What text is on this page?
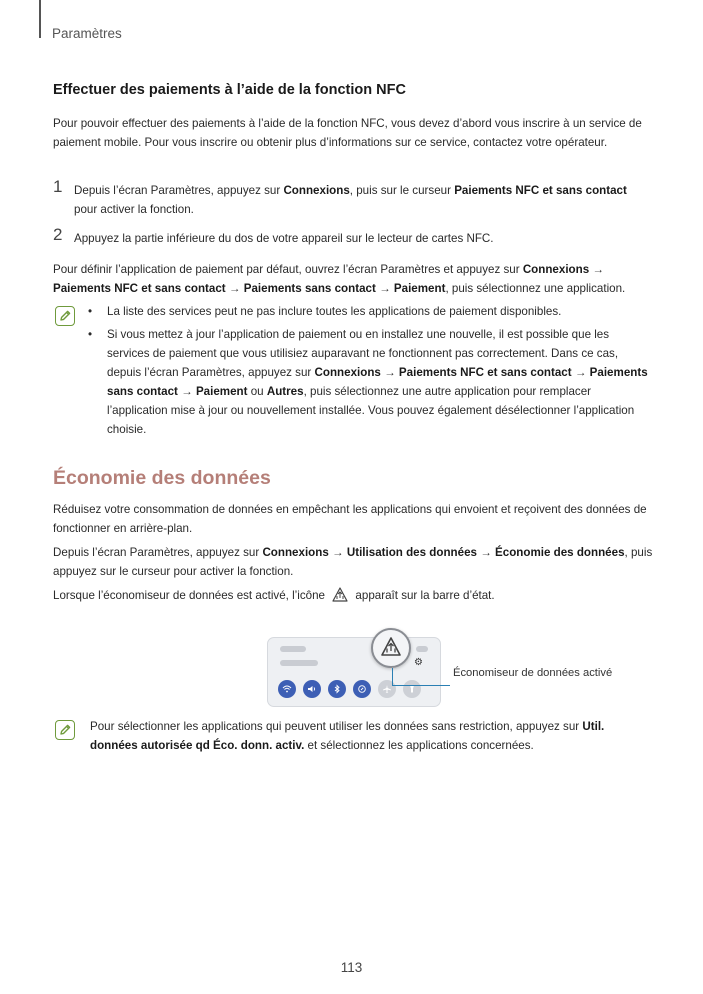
Paramètres
Effectuer des paiements à l’aide de la fonction NFC

Pour pouvoir effectuer des paiements à l’aide de la fonction NFC, vous devez d’abord vous inscrire à un service de paiement mobile. Pour vous inscrire ou obtenir plus d’informations sur ce service, contactez votre opérateur.

1 Depuis l’écran Paramètres, appuyez sur Connexions, puis sur le curseur Paiements NFC et sans contact pour activer la fonction.
2 Appuyez la partie inférieure du dos de votre appareil sur le lecteur de cartes NFC.

Pour définir l’application de paiement par défaut, ouvrez l’écran Paramètres et appuyez sur Connexions → Paiements NFC et sans contact → Paiements sans contact → Paiement, puis sélectionnez une application.

• La liste des services peut ne pas inclure toutes les applications de paiement disponibles.
• Si vous mettez à jour l’application de paiement ou en installez une nouvelle, il est possible que les services de paiement que vous utilisiez auparavant ne fonctionnent pas correctement. Dans ce cas, depuis l’écran Paramètres, appuyez sur Connexions → Paiements NFC et sans contact → Paiements sans contact → Paiement ou Autres, puis sélectionnez une autre application pour remplacer l’application mise à jour ou nouvellement installée. Vous pouvez également désélectionner l’application choisie.
Économie des données

Réduisez votre consommation de données en empêchant les applications qui envoient et reçoivent des données de fonctionner en arrière-plan.

Depuis l’écran Paramètres, appuyez sur Connexions → Utilisation des données → Économie des données, puis appuyez sur le curseur pour activer la fonction.

Lorsque l’économiseur de données est activé, l’icône  apparaît sur la barre d’état.

⚙
Économiseur de données activé
Pour sélectionner les applications qui peuvent utiliser les données sans restriction, appuyez sur Util. données autorisée qd Éco. donn. activ. et sélectionnez les applications concernées.
113
